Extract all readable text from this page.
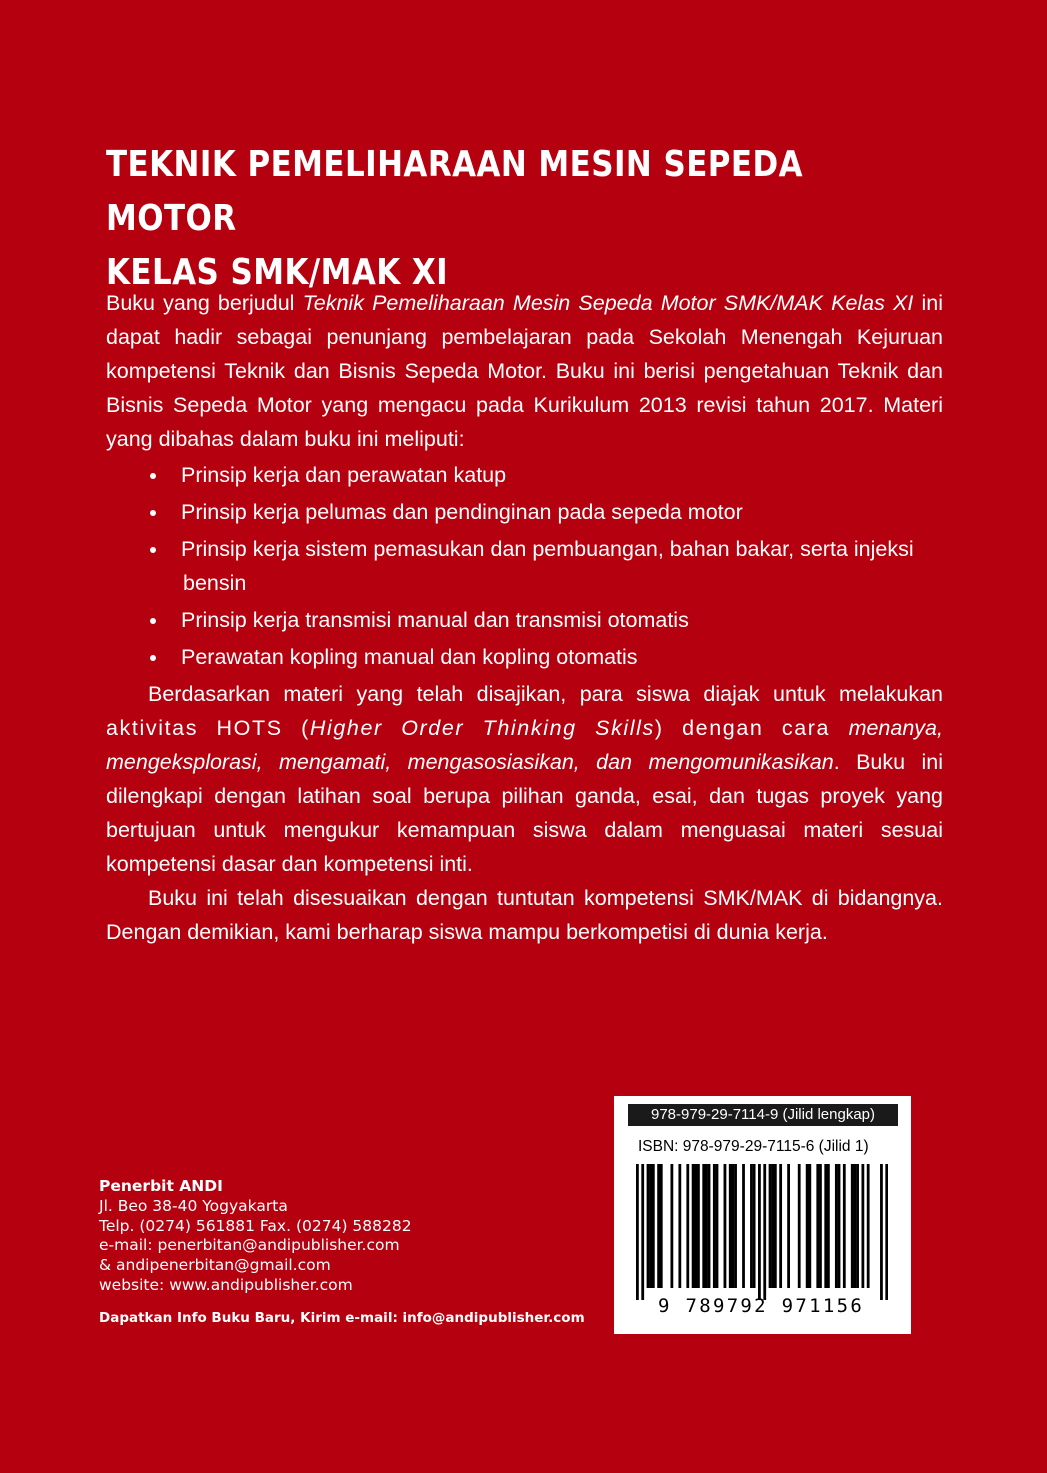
TEKNIK PEMELIHARAAN MESIN SEPEDA MOTOR
KELAS SMK/MAK XI

Buku yang berjudul Teknik Pemeliharaan Mesin Sepeda Motor SMK/MAK Kelas XI ini dapat hadir sebagai penunjang pembelajaran pada Sekolah Menengah Kejuruan kompetensi Teknik dan Bisnis Sepeda Motor. Buku ini berisi pengetahuan Teknik dan Bisnis Sepeda Motor yang mengacu pada Kurikulum 2013 revisi tahun 2017. Materi yang dibahas dalam buku ini meliputi:

Prinsip kerja dan perawatan katup
Prinsip kerja pelumas dan pendinginan pada sepeda motor
Prinsip kerja sistem pemasukan dan pembuangan, bahan bakar, serta injeksi
bensin
Prinsip kerja transmisi manual dan transmisi otomatis
Perawatan kopling manual dan kopling otomatis

Berdasarkan materi yang telah disajikan, para siswa diajak untuk melakukan aktivitas HOTS (Higher Order Thinking Skills) dengan cara menanya, mengeksplorasi, mengamati, mengasosiasikan, dan mengomunikasikan. Buku ini dilengkapi dengan latihan soal berupa pilihan ganda, esai, dan tugas proyek yang bertujuan untuk mengukur kemampuan siswa dalam menguasai materi sesuai kompetensi dasar dan kompetensi inti.

Buku ini telah disesuaikan dengan tuntutan kompetensi SMK/MAK di bidangnya. Dengan demikian, kami berharap siswa mampu berkompetisi di dunia kerja.

Penerbit ANDI
Jl. Beo 38-40 Yogyakarta
Telp. (0274) 561881 Fax. (0274) 588282
e-mail: penerbitan@andipublisher.com
& andipenerbitan@gmail.com
website: www.andipublisher.com
Dapatkan Info Buku Baru, Kirim e-mail: info@andipublisher.com
978-979-29-7114-9 (Jilid lengkap)
ISBN: 978-979-29-7115-6 (Jilid 1)
9 789792 971156
